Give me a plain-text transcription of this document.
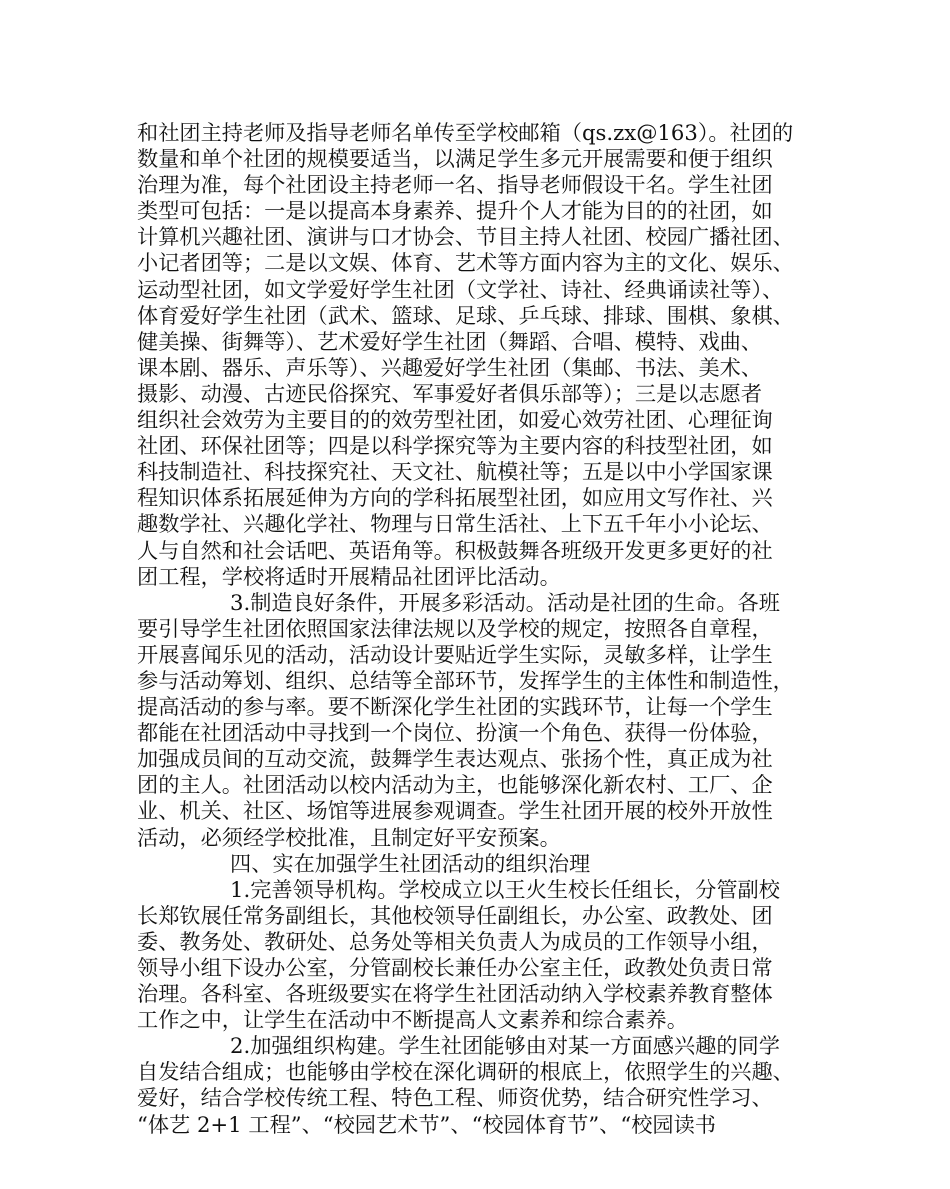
和社团主持老师及指导老师名单传至学校邮箱（qs.zx@163）。社团的
数量和单个社团的规模要适当，以满足学生多元开展需要和便于组织
治理为准，每个社团设主持老师一名、指导老师假设干名。学生社团
类型可包括：一是以提高本身素养、提升个人才能为目的的社团，如
计算机兴趣社团、演讲与口才协会、节目主持人社团、校园广播社团、
小记者团等；二是以文娱、体育、艺术等方面内容为主的文化、娱乐、
运动型社团，如文学爱好学生社团（文学社、诗社、经典诵读社等）、
体育爱好学生社团（武术、篮球、足球、乒乓球、排球、围棋、象棋、
健美操、街舞等）、艺术爱好学生社团（舞蹈、合唱、模特、戏曲、
课本剧、器乐、声乐等）、兴趣爱好学生社团（集邮、书法、美术、
摄影、动漫、古迹民俗探究、军事爱好者俱乐部等）；三是以志愿者
组织社会效劳为主要目的的效劳型社团，如爱心效劳社团、心理征询
社团、环保社团等；四是以科学探究等为主要内容的科技型社团，如
科技制造社、科技探究社、天文社、航模社等；五是以中小学国家课
程知识体系拓展延伸为方向的学科拓展型社团，如应用文写作社、兴
趣数学社、兴趣化学社、物理与日常生活社、上下五千年小小论坛、
人与自然和社会话吧、英语角等。积极鼓舞各班级开发更多更好的社
团工程，学校将适时开展精品社团评比活动。
3.制造良好条件，开展多彩活动。活动是社团的生命。各班
要引导学生社团依照国家法律法规以及学校的规定，按照各自章程，
开展喜闻乐见的活动，活动设计要贴近学生实际，灵敏多样，让学生
参与活动筹划、组织、总结等全部环节，发挥学生的主体性和制造性，
提高活动的参与率。要不断深化学生社团的实践环节，让每一个学生
都能在社团活动中寻找到一个岗位、扮演一个角色、获得一份体验，
加强成员间的互动交流，鼓舞学生表达观点、张扬个性，真正成为社
团的主人。社团活动以校内活动为主，也能够深化新农村、工厂、企
业、机关、社区、场馆等进展参观调查。学生社团开展的校外开放性
活动，必须经学校批准，且制定好平安预案。
四、实在加强学生社团活动的组织治理
1.完善领导机构。学校成立以王火生校长任组长，分管副校
长郑钦展任常务副组长，其他校领导任副组长，办公室、政教处、团
委、教务处、教研处、总务处等相关负责人为成员的工作领导小组，
领导小组下设办公室，分管副校长兼任办公室主任，政教处负责日常
治理。各科室、各班级要实在将学生社团活动纳入学校素养教育整体
工作之中，让学生在活动中不断提高人文素养和综合素养。
2.加强组织构建。学生社团能够由对某一方面感兴趣的同学
自发结合组成；也能够由学校在深化调研的根底上，依照学生的兴趣、
爱好，结合学校传统工程、特色工程、师资优势，结合研究性学习、
“体艺 2+1 工程”、“校园艺术节”、“校园体育节”、“校园读书
